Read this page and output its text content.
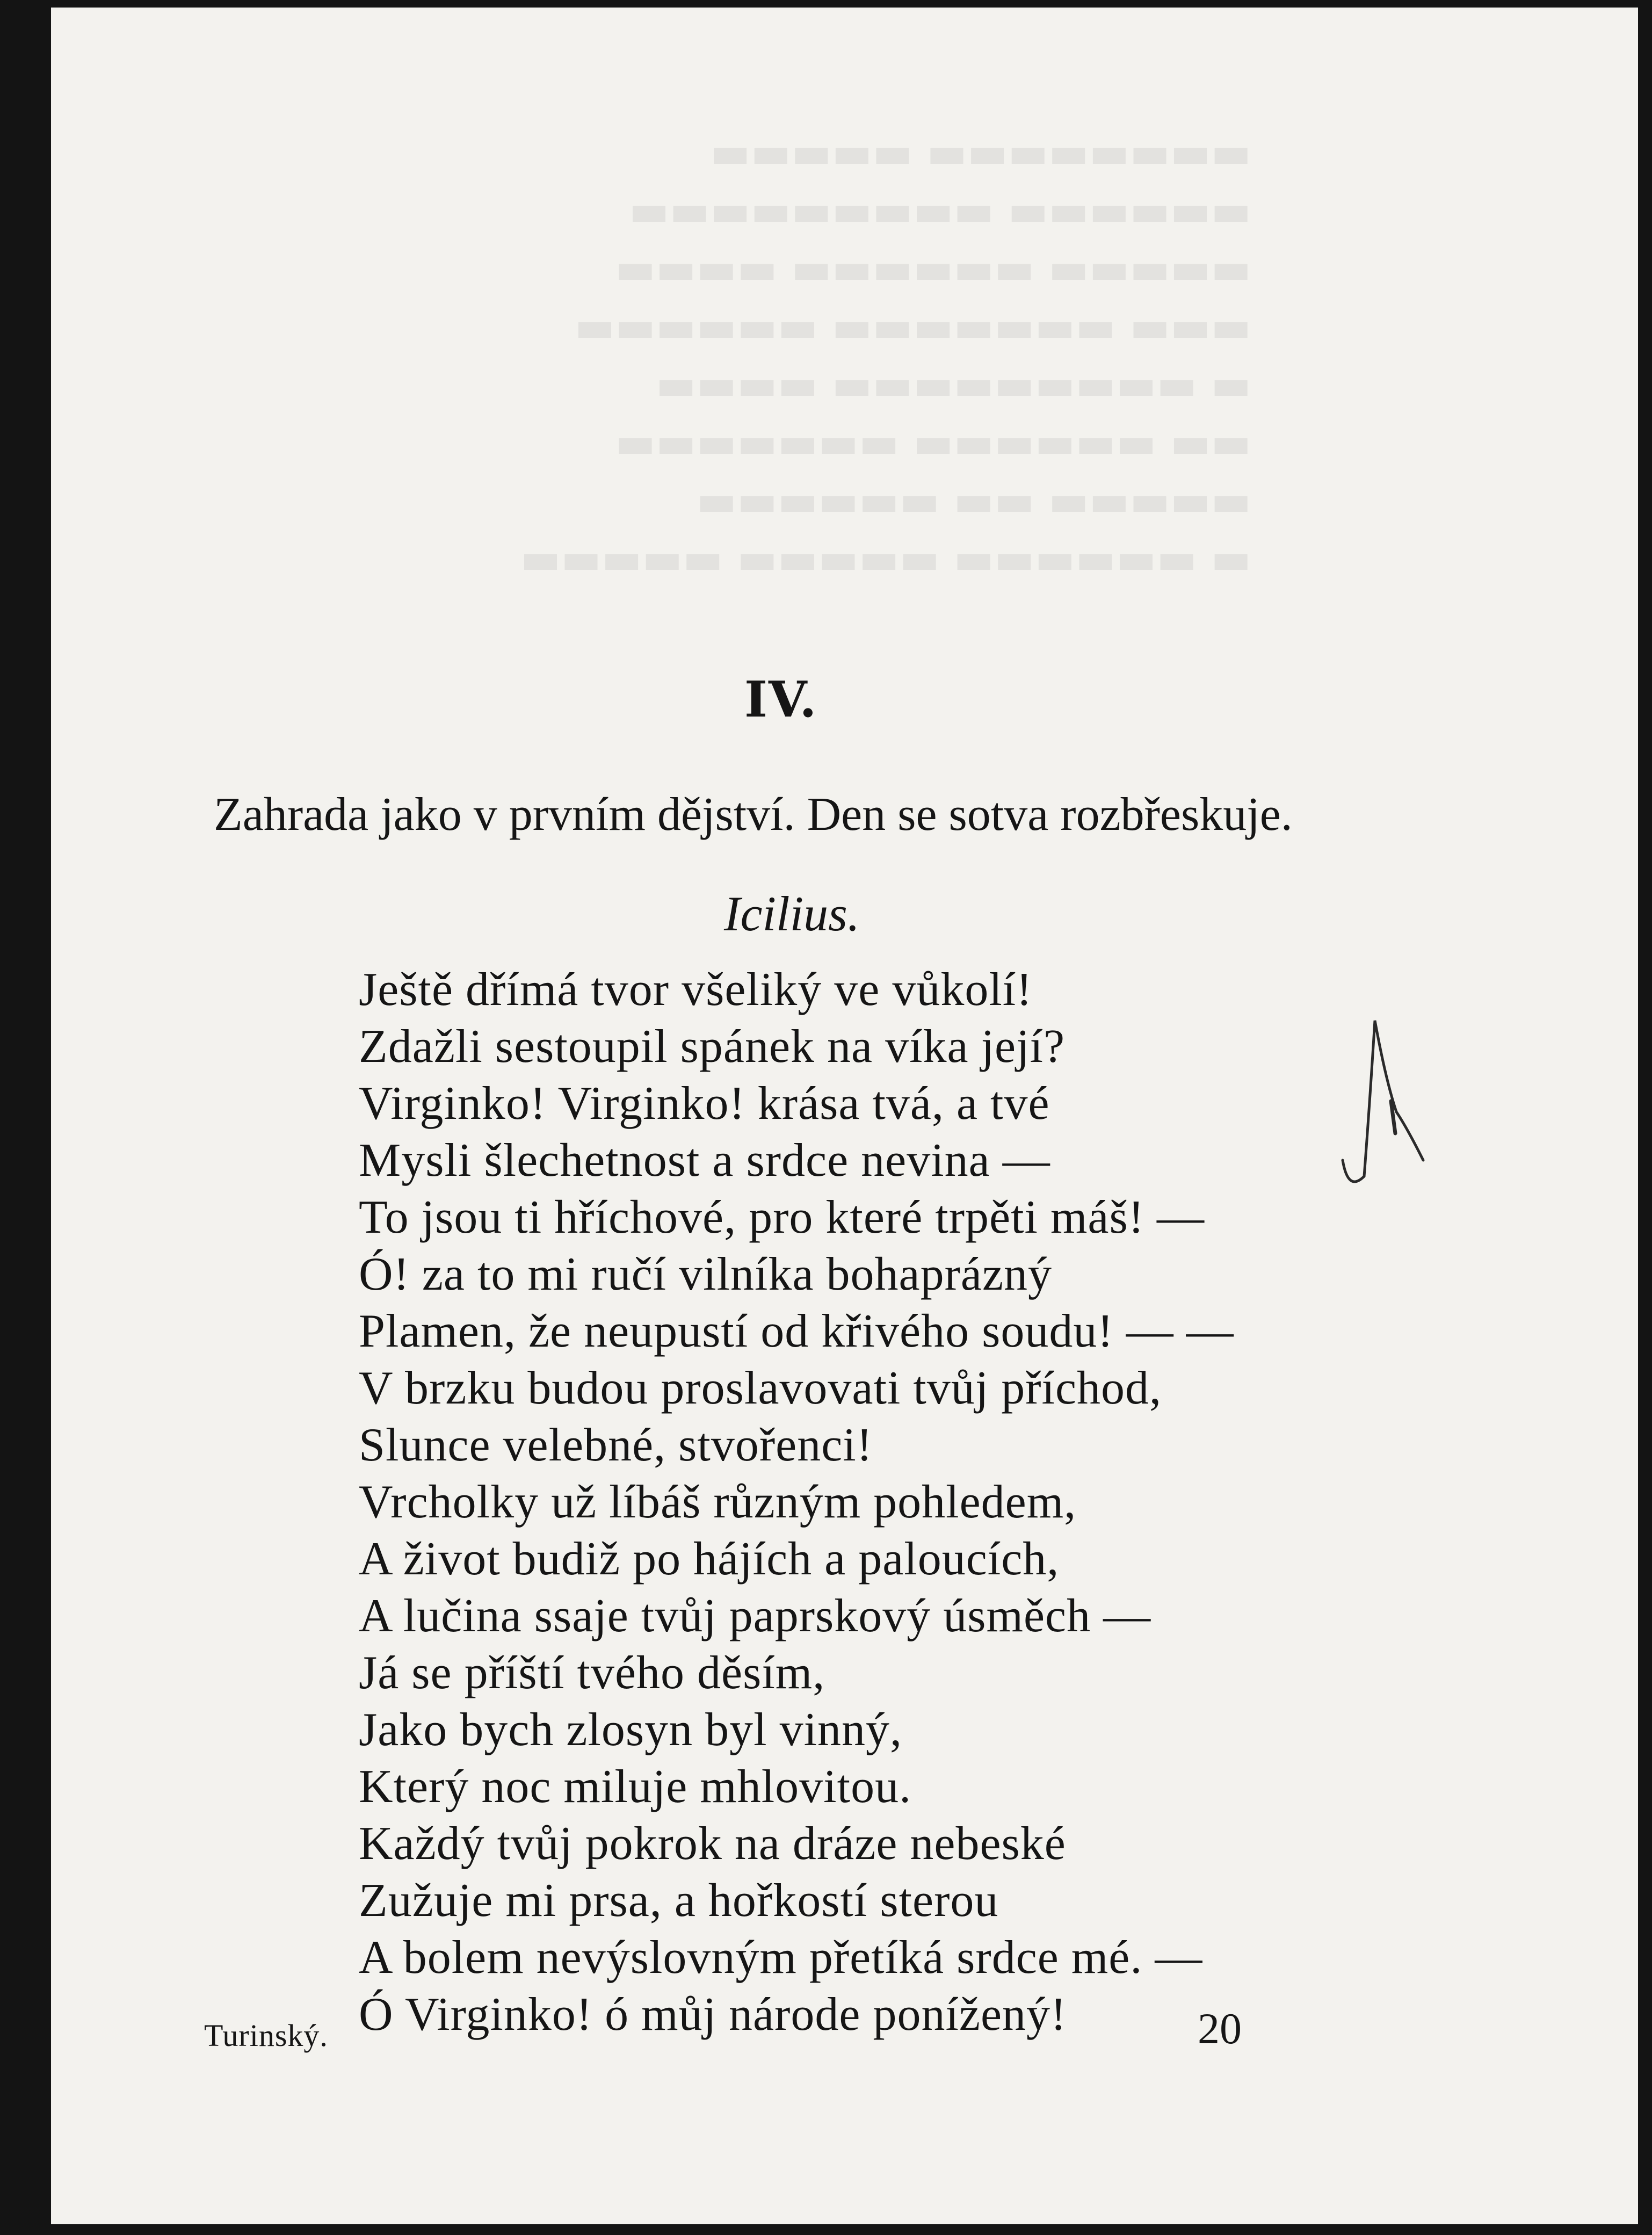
▬▬▬▬▬▬▬▬ ▬▬▬▬▬
▬▬▬▬▬▬ ▬▬▬▬▬▬▬▬▬
▬▬▬▬▬ ▬▬▬▬▬▬ ▬▬▬▬
▬▬▬ ▬▬▬▬▬▬▬ ▬▬▬▬▬▬
▬ ▬▬▬▬▬▬▬▬▬ ▬▬▬▬
▬▬ ▬▬▬▬▬▬ ▬▬▬▬▬▬▬
▬▬▬▬▬ ▬▬ ▬▬▬▬▬▬
▬ ▬▬▬▬▬▬ ▬▬▬▬▬ ▬▬▬▬▬
IV.

Zahrada jako v prvním dějství. Den se sotva rozbřeskuje.

Icilius.

Ještě dřímá tvor všeliký ve vůkolí!
Zdažli sestoupil spánek na víka její?
Virginko! Virginko! krása tvá, a tvé
Mysli šlechetnost a srdce nevina —
To jsou ti hříchové, pro které trpěti máš! —
Ó! za to mi ručí vilníka bohaprázný
Plamen, že neupustí od křivého soudu! — —
V brzku budou proslavovati tvůj příchod,
Slunce velebné, stvořenci!
Vrcholky už líbáš různým pohledem,
A život budiž po hájích a paloucích,
A lučina ssaje tvůj paprskový úsměch —
Já se příští tvého děsím,
Jako bych zlosyn byl vinný,
Který noc miluje mhlovitou.
Každý tvůj pokrok na dráze nebeské
Zužuje mi prsa, a hořkostí sterou
A bolem nevýslovným přetíká srdce mé. —
Ó Virginko! ó můj národe ponížený!
Turinský.	20
